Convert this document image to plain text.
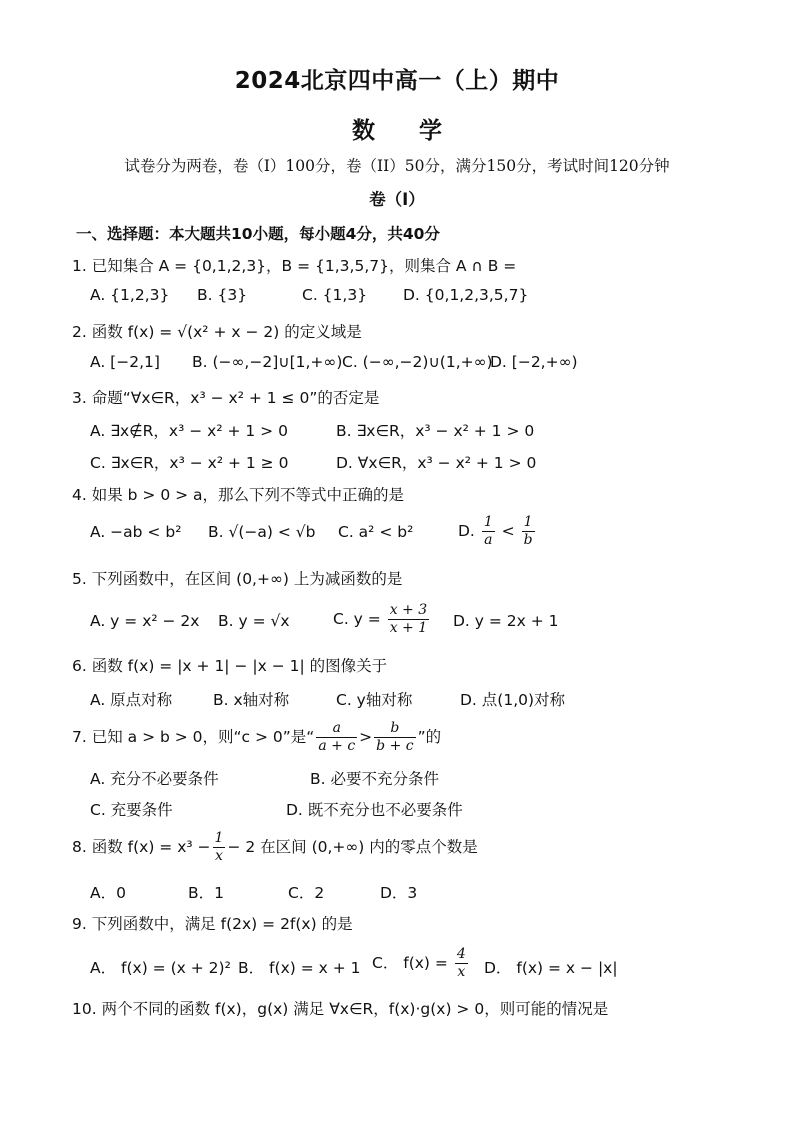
2024北京四中高一（上）期中
数 学
试卷分为两卷，卷（I）100分，卷（II）50分，满分150分，考试时间120分钟
卷（I）
一、选择题：本大题共10小题，每小题4分，共40分
1. 已知集合 A = {0,1,2,3}，B = {1,3,5,7}，则集合 A ∩ B =
A. {1,2,3} B. {3}	C. {1,3} D. {0,1,2,3,5,7}
2. 函数 f(x) = √(x² + x − 2) 的定义域是
A. [−2,1] B. (−∞,−2]∪[1,+∞) C. (−∞,−2)∪(1,+∞)
D. [−2,+∞)
3. 命题“∀x∈R，x³ − x² + 1 ≤ 0”的否定是
A. ∃x∉R，x³ − x² + 1 > 0	B. ∃x∈R，x³ − x² + 1 > 0
C. ∃x∈R，x³ − x² + 1 ≥ 0	D. ∀x∈R，x³ − x² + 1 > 0
4. 如果 b > 0 > a，那么下列不等式中正确的是
A. −ab < b² B. √(−a) < √b C. a² < b²	D. $\frac{1}{a} < \frac{1}{b}$
5. 下列函数中，在区间 (0,+∞) 上为减函数的是
A. y = x² − 2x B. y = √x	C. $y = \frac{x + 3}{x + 1} D$. y = 2x + 1
6. 函数 f(x) = |x + 1| − |x − 1| 的图像关于
A. 原点对称	B. x轴对称	C. y轴对称	D. 点(1,0)对称
7. 已知 a > b > 0，则“c > 0”是“ $\frac{a}{a + c} > \frac{b}{b + c}$ ”的
A. 充分不必要条件	B. 必要不充分条件
C. 充要条件	D. 既不充分也不必要条件
8. 函数 $f(x) = x^3 - \frac{1}{x} - 2$ 在区间 (0,+∞) 内的零点个数是
A．0	B．1	C．2	D．3
9. 下列函数中，满足 f(2x) = 2f(x) 的是
A． f(x) = (x + 2)² B． f(x) = x + 1 C． $f(x) = \frac{4}{x}$ D． f(x) = x − |x|
10. 两个不同的函数 f(x)，g(x) 满足 ∀x∈R，f(x)·g(x) > 0，则可能的情况是
